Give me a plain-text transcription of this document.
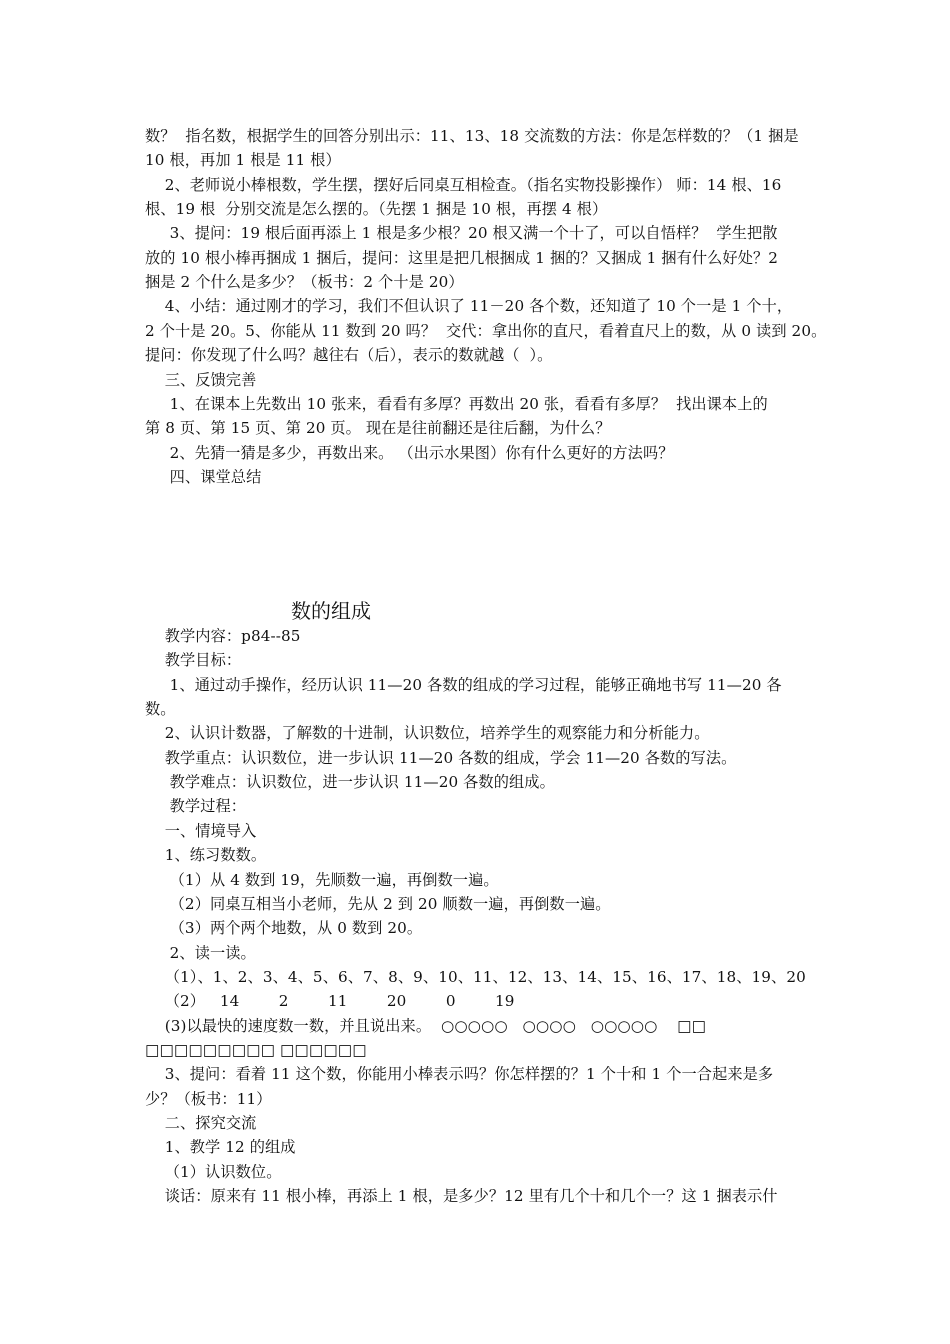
数？  指名数，根据学生的回答分别出示：11、13、18 交流数的方法：你是怎样数的？（1 捆是
10 根，再加 1 根是 11 根）
2、老师说小棒根数，学生摆，摆好后同桌互相检查。（指名实物投影操作） 师：14 根、16
根、19 根  分别交流是怎么摆的。（先摆 1 捆是 10 根，再摆 4 根）
3、提问：19 根后面再添上 1 根是多少根？20 根又满一个十了，可以自悟样？  学生把散
放的 10 根小棒再捆成 1 捆后，提问：这里是把几根捆成 1 捆的？又捆成 1 捆有什么好处？2
捆是 2 个什么是多少？（板书：2 个十是 20）
4、小结：通过刚才的学习，我们不但认识了 11－20 各个数，还知道了 10 个一是 1 个十，
2 个十是 20。5、你能从 11 数到 20 吗？  交代：拿出你的直尺，看着直尺上的数，从 0 读到 20。
提问：你发现了什么吗？越往右（后），表示的数就越（  ）。
三、反馈完善
1、在课本上先数出 10 张来，看看有多厚？再数出 20 张，看看有多厚？  找出课本上的
第 8 页、第 15 页、第 20 页。 现在是往前翻还是往后翻，为什么？
2、先猜一猜是多少，再数出来。 （出示水果图）你有什么更好的方法吗？
四、课堂总结
数的组成
教学内容：p84--85
教学目标：
1、通过动手操作，经历认识 11—20 各数的组成的学习过程，能够正确地书写 11—20 各
数。
2、认识计数器，了解数的十进制，认识数位，培养学生的观察能力和分析能力。
教学重点：认识数位，进一步认识 11—20 各数的组成，学会 11—20 各数的写法。
教学难点：认识数位，进一步认识 11—20 各数的组成。
教学过程：
一、情境导入
1、练习数数。
（1）从 4 数到 19，先顺数一遍，再倒数一遍。
（2）同桌互相当小老师，先从 2 到 20 顺数一遍，再倒数一遍。
（3）两个两个地数，从 0 数到 20。
2、读一读。
（1）、1、2、3、4、5、6、7、8、9、10、11、12、13、14、15、16、17、18、19、20
（2）   14        2        11        20        0        19
(3)以最快的速度数一数，并且说出来。  ○○○○○   ○○○○   ○○○○○    □□
□□□□□□□□□ □□□□□□
3、提问：看着 11 这个数，你能用小棒表示吗？你怎样摆的？1 个十和 1 个一合起来是多
少？（板书：11）
二、探究交流
1、教学 12 的组成
（1）认识数位。
谈话：原来有 11 根小棒，再添上 1 根，是多少？12 里有几个十和几个一？这 1 捆表示什
